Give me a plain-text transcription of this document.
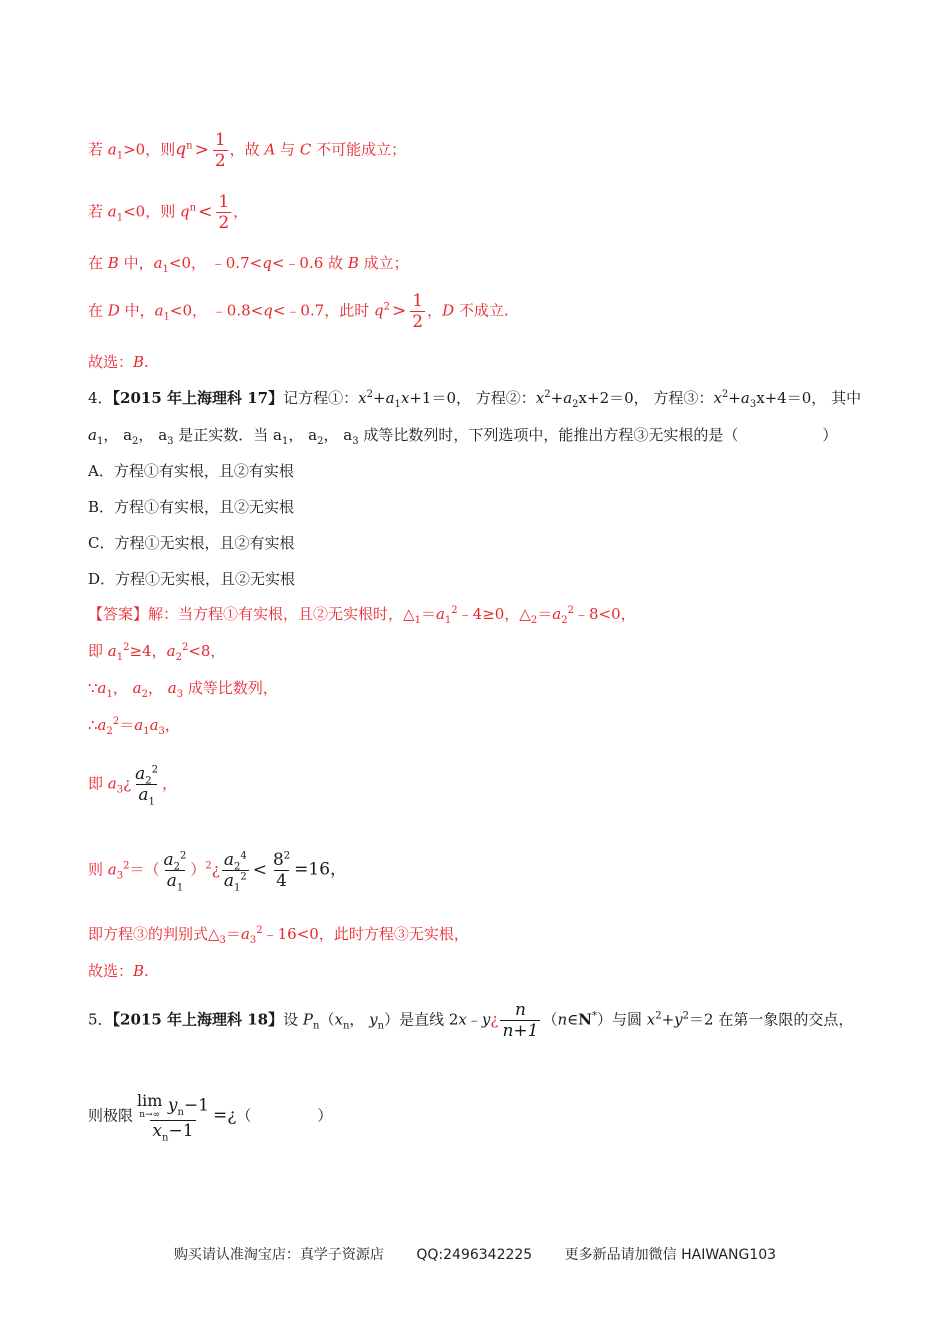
若 $a_1>0$，则$q^n > \frac{1}{2}$ ，故 A 与 C 不可能成立；
若 $a_1<0$，则 $q^n < \frac{1}{2}$ ，
在 B 中，$a_1<0$， ﹣0.7<q<﹣0.6 故 B 成立；
在 D 中，$a_1<0$， ﹣0.8<q<﹣0.7，此时 $q^2 > \frac{1}{2}$ ，D 不成立.
故选：B.
4．【2015 年上海理科 17】记方程①：$x^2+a_1x+1=0$， 方程②：$x^2+a_2x+2=0$， 方程③：$x^2+a_3x+4=0$， 其中
$a_1$， $a_2$， $a_3$ 是正实数．当 $a_1$， $a_2$， $a_3$ 成等比数列时，下列选项中，能推出方程③无实根的是（	）
A．方程①有实根，且②有实根
B．方程①有实根，且②无实根
C．方程①无实根，且②有实根
D．方程①无实根，且②无实根
【答案】解：当方程①有实根，且②无实根时，$\triangle_1=a_1^2﹣4\ge 0$，$\triangle_2=a_2^2﹣8<0$，
即 $a_1^2\ge 4$，$a_2^2<8$，
$\because a_1$， $a_2$， $a_3$ 成等比数列，
$\therefore a_2^2=a_1a_3$，
即 $a_3¿ \frac{a_2^2}{a_1}$ ，
则 $a_3^2=( \frac{a_2^2}{a_1}$ ）$^2¿ \frac{a_2^4}{a_1^2} < \frac{8^2}{4} =16$，
即方程③的判别式$\triangle_3=a_3^2﹣16<0$，此时方程③无实根，
故选：B.
5．【2015 年上海理科 18】设 $P_n(x_n$， $y_n$）是直线 2x﹣y¿ $\frac{n}{n+1}$ （n∈N*）与圆 $x^2+y^2=2$ 在第一象限的交点，
则极限 lim
n→∞ $y_n-1$
$x_n-1$ =¿（	）
购买请认准淘宝店：真学子资源店 QQ:2496342225 更多新品请加微信 HAIWANG103
